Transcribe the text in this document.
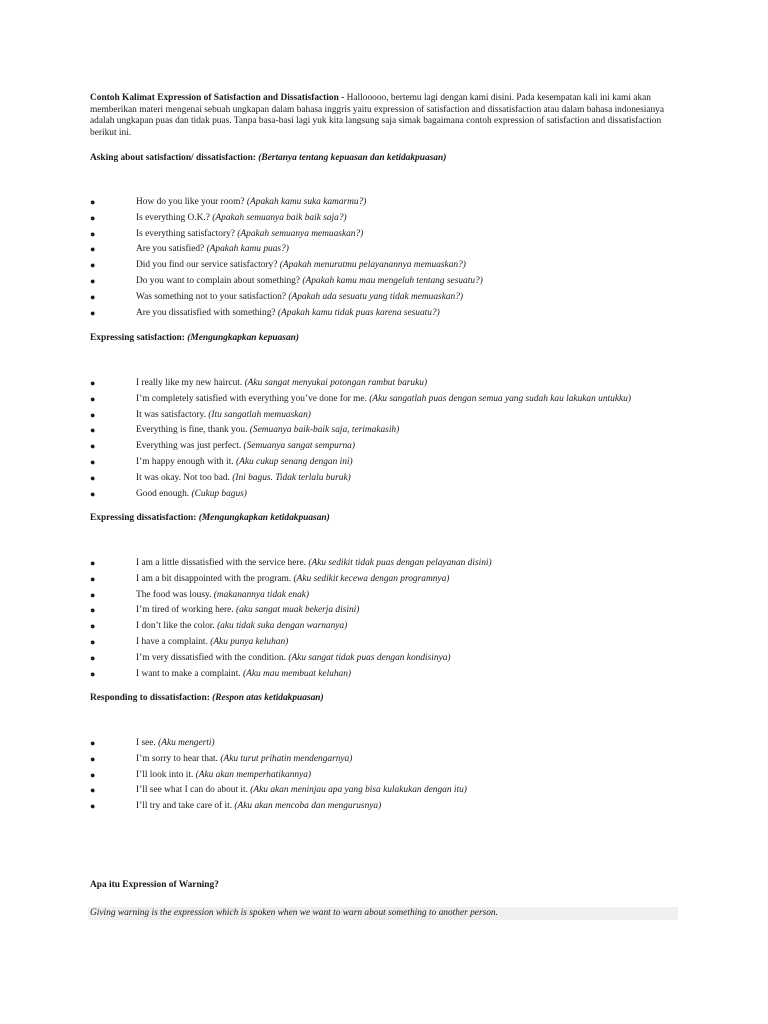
Contoh Kalimat Expression of Satisfaction and Dissatisfaction - Hallooooo, bertemu lagi dengan kami disini. Pada kesempatan kali ini kami akan memberikan materi mengenai sebuah ungkapan dalam bahasa inggris yaitu expression of satisfaction and dissatisfaction atau dalam bahasa indonesianya adalah ungkapan puas dan tidak puas. Tanpa basa-basi lagi yuk kita langsung saja simak bagaimana contoh expression of satisfaction and dissatisfaction berikut ini.
Asking about satisfaction/ dissatisfaction: (Bertanya tentang kepuasan dan ketidakpuasan)
●	How do you like your room? (Apakah kamu suka kamarmu?)
●	Is everything O.K.? (Apakah semuanya baik baik saja?)
●	Is everything satisfactory? (Apakah semuanya memuaskan?)
●	Are you satisfied? (Apakah kamu puas?)
●	Did you find our service satisfactory? (Apakah menurutmu pelayanannya memuaskan?)
●	Do you want to complain about something? (Apakah kamu mau mengeluh tentang sesuatu?)
●	Was something not to your satisfaction? (Apakah ada sesuatu yang tidak memuaskan?)
●	Are you dissatisfied with something? (Apakah kamu tidak puas karena sesuatu?)
Expressing satisfaction: (Mengungkapkan kepuasan)
●	I really like my new haircut. (Aku sangat menyukai potongan rambut baruku)
●	I’m completely satisfied with everything you’ve done for me. (Aku sangatlah puas dengan semua yang sudah kau lakukan untukku)
●	It was satisfactory. (Itu sangatlah memuaskan)
●	Everything is fine, thank you. (Semuanya baik-baik saja, terimakasih)
●	Everything was just perfect. (Semuanya sangat sempurna)
●	I’m happy enough with it. (Aku cukup senang dengan ini)
●	It was okay. Not too bad. (Ini bagus. Tidak terlalu buruk)
●	Good enough. (Cukup bagus)
Expressing dissatisfaction: (Mengungkapkan ketidakpuasan)
●	I am a little dissatisfied with the service here. (Aku sedikit tidak puas dengan pelayanan disini)
●	I am a bit disappointed with the program. (Aku sedikit kecewa dengan programnya)
●	The food was lousy. (makanannya tidak enak)
●	I’m tired of working here. (aku sangat muak bekerja disini)
●	I don’t like the color. (aku tidak suka dengan warnanya)
●	I have a complaint. (Aku punya keluhan)
●	I’m very dissatisfied with the condition. (Aku sangat tidak puas dengan kondisinya)
●	I want to make a complaint. (Aku mau membuat keluhan)
Responding to dissatisfaction: (Respon atas ketidakpuasan)
●	I see. (Aku mengerti)
●	I’m sorry to hear that. (Aku turut prihatin mendengarnya)
●	I’ll look into it. (Aku akan memperhatikannya)
●	I’ll see what I can do about it. (Aku akan meninjau apa yang bisa kulakukan dengan itu)
●	I’ll try and take care of it. (Aku akan mencoba dan mengurusnya)
Apa itu Expression of Warning?
Giving warning is the expression which is spoken when we want to warn about something to another person.
